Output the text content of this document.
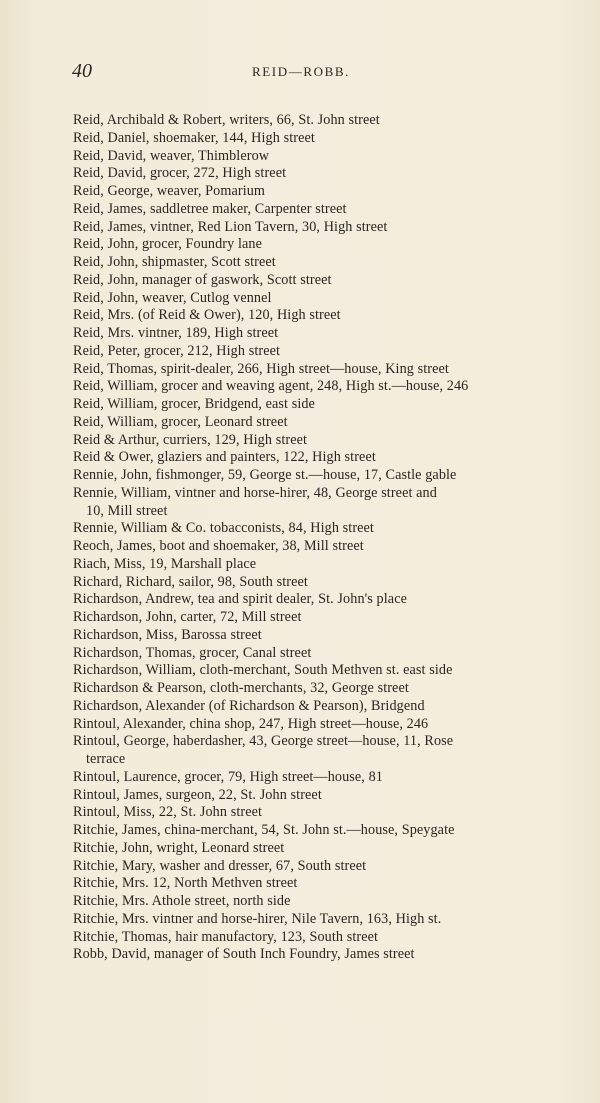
40	REID—ROBB.
Reid, Archibald & Robert, writers, 66, St. John street
Reid, Daniel, shoemaker, 144, High street
Reid, David, weaver, Thimblerow
Reid, David, grocer, 272, High street
Reid, George, weaver, Pomarium
Reid, James, saddletree maker, Carpenter street
Reid, James, vintner, Red Lion Tavern, 30, High street
Reid, John, grocer, Foundry lane
Reid, John, shipmaster, Scott street
Reid, John, manager of gaswork, Scott street
Reid, John, weaver, Cutlog vennel
Reid, Mrs. (of Reid & Ower), 120, High street
Reid, Mrs. vintner, 189, High street
Reid, Peter, grocer, 212, High street
Reid, Thomas, spirit-dealer, 266, High street—house, King street
Reid, William, grocer and weaving agent, 248, High st.—house, 246
Reid, William, grocer, Bridgend, east side
Reid, William, grocer, Leonard street
Reid & Arthur, curriers, 129, High street
Reid & Ower, glaziers and painters, 122, High street
Rennie, John, fishmonger, 59, George st.—house, 17, Castle gable
Rennie, William, vintner and horse-hirer, 48, George street and
10, Mill street
Rennie, William & Co. tobacconists, 84, High street
Reoch, James, boot and shoemaker, 38, Mill street
Riach, Miss, 19, Marshall place
Richard, Richard, sailor, 98, South street
Richardson, Andrew, tea and spirit dealer, St. John's place
Richardson, John, carter, 72, Mill street
Richardson, Miss, Barossa street
Richardson, Thomas, grocer, Canal street
Richardson, William, cloth-merchant, South Methven st. east side
Richardson & Pearson, cloth-merchants, 32, George street
Richardson, Alexander (of Richardson & Pearson), Bridgend
Rintoul, Alexander, china shop, 247, High street—house, 246
Rintoul, George, haberdasher, 43, George street—house, 11, Rose
terrace
Rintoul, Laurence, grocer, 79, High street—house, 81
Rintoul, James, surgeon, 22, St. John street
Rintoul, Miss, 22, St. John street
Ritchie, James, china-merchant, 54, St. John st.—house, Speygate
Ritchie, John, wright, Leonard street
Ritchie, Mary, washer and dresser, 67, South street
Ritchie, Mrs. 12, North Methven street
Ritchie, Mrs. Athole street, north side
Ritchie, Mrs. vintner and horse-hirer, Nile Tavern, 163, High st.
Ritchie, Thomas, hair manufactory, 123, South street
Robb, David, manager of South Inch Foundry, James street
